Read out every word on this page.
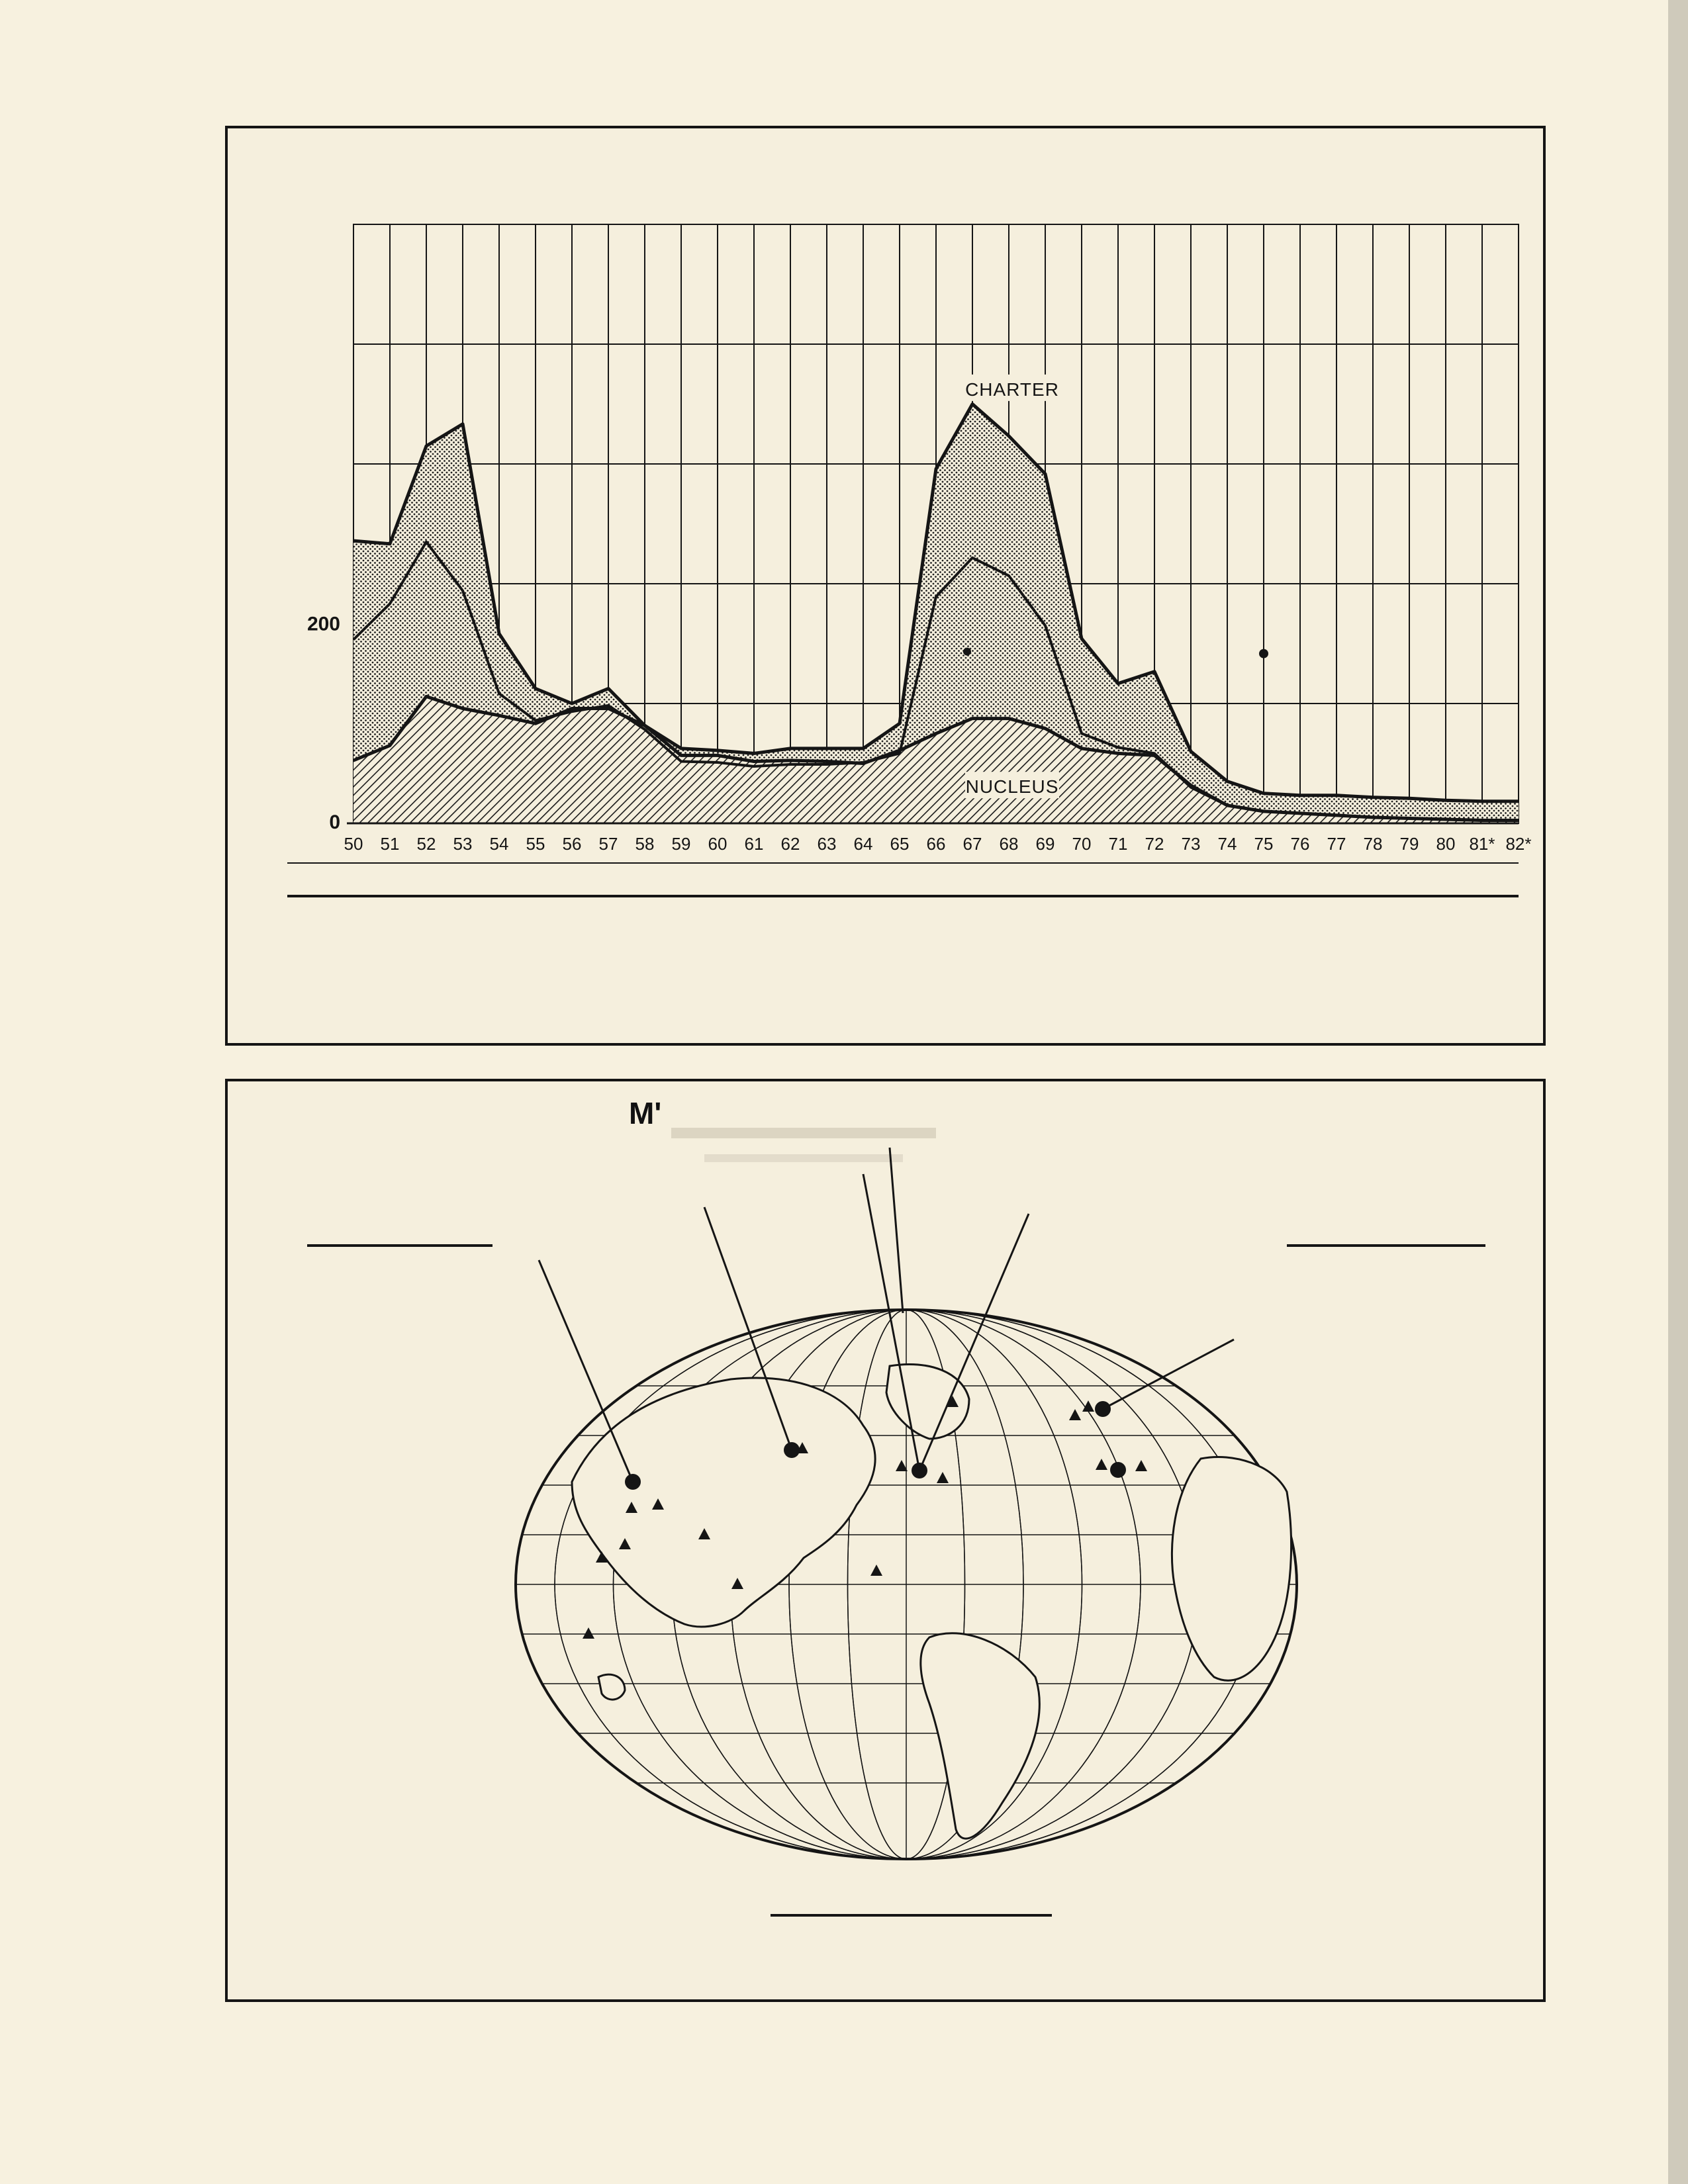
50 51 52 53 54 55 56 57 58 59 60 61 62 63 64 65 66 67 68 69 70 71 72 73 74 75 76 77 78 79 80 81* 82*
0
200
CHARTER
NUCLEUS
M'
